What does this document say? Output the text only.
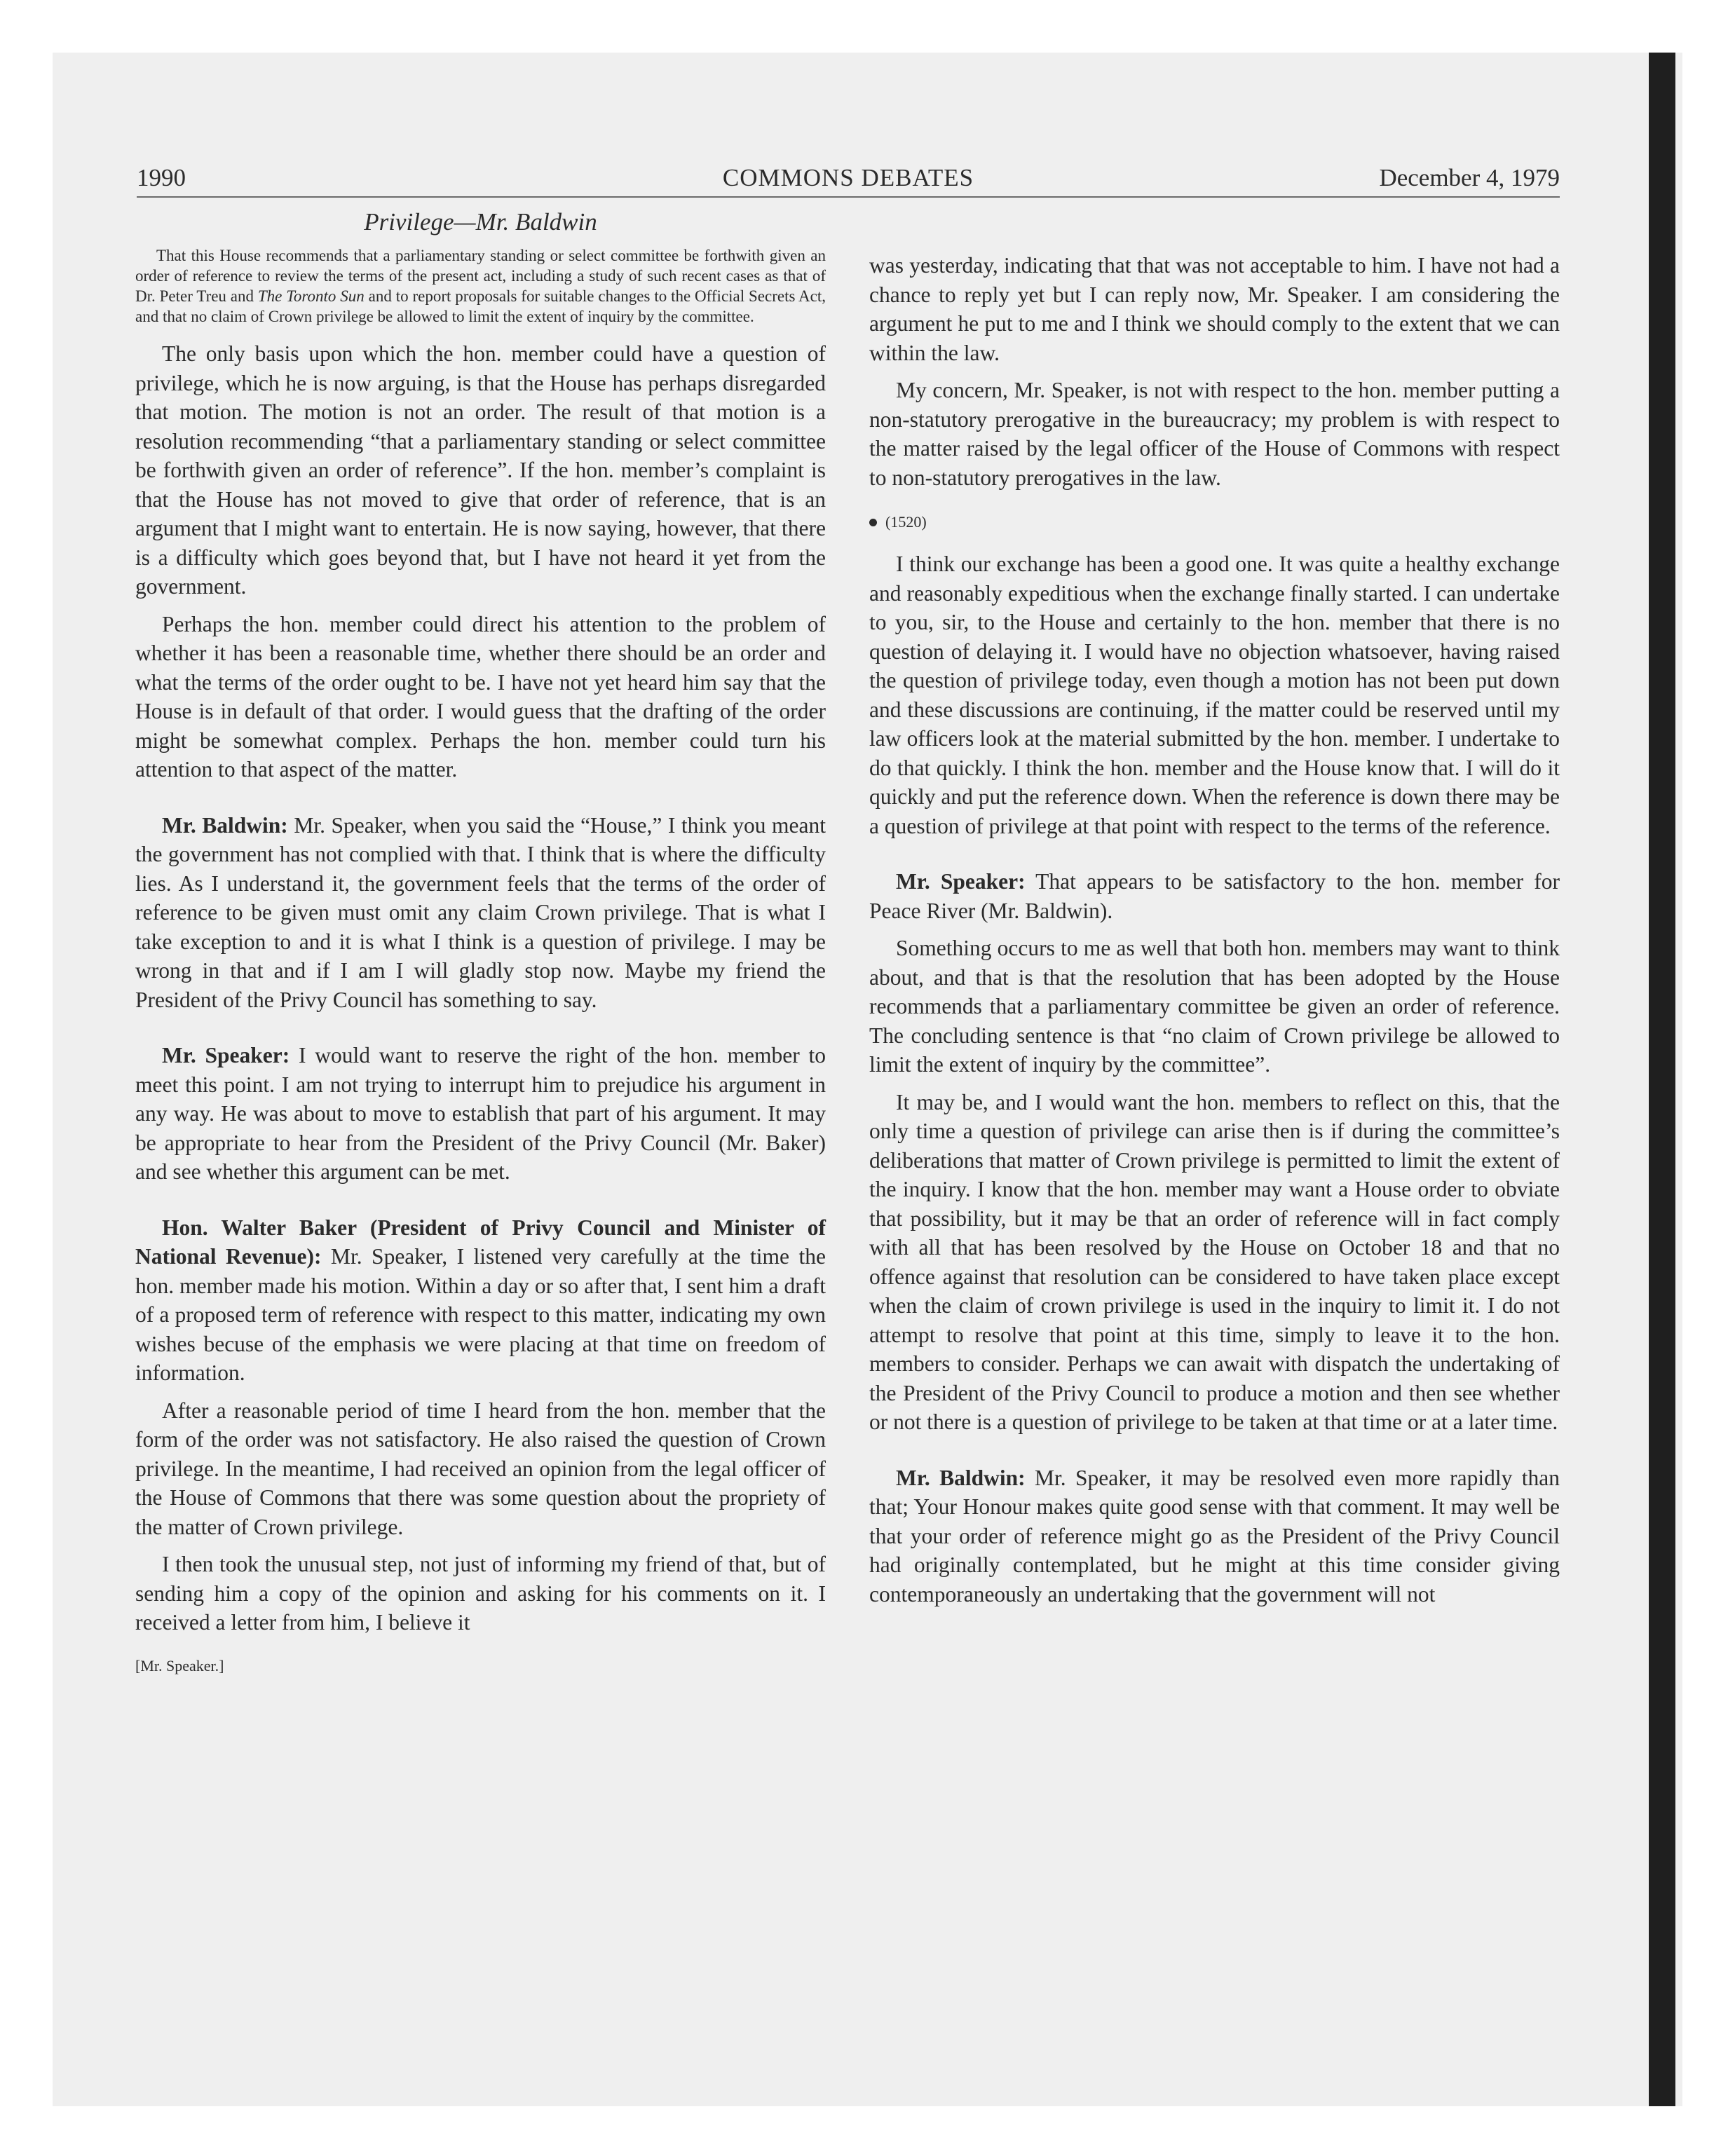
1990	COMMONS DEBATES	December 4, 1979
Privilege—Mr. Baldwin
That this House recommends that a parliamentary standing or select committee be forthwith given an order of reference to review the terms of the present act, including a study of such recent cases as that of Dr. Peter Treu and The Toronto Sun and to report proposals for suitable changes to the Official Secrets Act, and that no claim of Crown privilege be allowed to limit the extent of inquiry by the committee.

The only basis upon which the hon. member could have a question of privilege, which he is now arguing, is that the House has perhaps disregarded that motion. The motion is not an order. The result of that motion is a resolution recommending “that a parliamentary standing or select committee be forthwith given an order of reference”. If the hon. member’s complaint is that the House has not moved to give that order of reference, that is an argument that I might want to entertain. He is now saying, however, that there is a difficulty which goes beyond that, but I have not heard it yet from the government.

Perhaps the hon. member could direct his attention to the problem of whether it has been a reasonable time, whether there should be an order and what the terms of the order ought to be. I have not yet heard him say that the House is in default of that order. I would guess that the drafting of the order might be somewhat complex. Perhaps the hon. member could turn his attention to that aspect of the matter.

Mr. Baldwin: Mr. Speaker, when you said the “House,” I think you meant the government has not complied with that. I think that is where the difficulty lies. As I understand it, the government feels that the terms of the order of reference to be given must omit any claim Crown privilege. That is what I take exception to and it is what I think is a question of privilege. I may be wrong in that and if I am I will gladly stop now. Maybe my friend the President of the Privy Council has something to say.

Mr. Speaker: I would want to reserve the right of the hon. member to meet this point. I am not trying to interrupt him to prejudice his argument in any way. He was about to move to establish that part of his argument. It may be appropriate to hear from the President of the Privy Council (Mr. Baker) and see whether this argument can be met.

Hon. Walter Baker (President of Privy Council and Minister of National Revenue): Mr. Speaker, I listened very carefully at the time the hon. member made his motion. Within a day or so after that, I sent him a draft of a proposed term of reference with respect to this matter, indicating my own wishes becuse of the emphasis we were placing at that time on freedom of information.

After a reasonable period of time I heard from the hon. member that the form of the order was not satisfactory. He also raised the question of Crown privilege. In the meantime, I had received an opinion from the legal officer of the House of Commons that there was some question about the propriety of the matter of Crown privilege.

I then took the unusual step, not just of informing my friend of that, but of sending him a copy of the opinion and asking for his comments on it. I received a letter from him, I believe it

[Mr. Speaker.]

was yesterday, indicating that that was not acceptable to him. I have not had a chance to reply yet but I can reply now, Mr. Speaker. I am considering the argument he put to me and I think we should comply to the extent that we can within the law.

My concern, Mr. Speaker, is not with respect to the hon. member putting a non-statutory prerogative in the bureaucracy; my problem is with respect to the matter raised by the legal officer of the House of Commons with respect to non-statutory prerogatives in the law.

(1520)

I think our exchange has been a good one. It was quite a healthy exchange and reasonably expeditious when the exchange finally started. I can undertake to you, sir, to the House and certainly to the hon. member that there is no question of delaying it. I would have no objection whatsoever, having raised the question of privilege today, even though a motion has not been put down and these discussions are continuing, if the matter could be reserved until my law officers look at the material submitted by the hon. member. I undertake to do that quickly. I think the hon. member and the House know that. I will do it quickly and put the reference down. When the reference is down there may be a question of privilege at that point with respect to the terms of the reference.

Mr. Speaker: That appears to be satisfactory to the hon. member for Peace River (Mr. Baldwin).

Something occurs to me as well that both hon. members may want to think about, and that is that the resolution that has been adopted by the House recommends that a parliamentary committee be given an order of reference. The concluding sentence is that “no claim of Crown privilege be allowed to limit the extent of inquiry by the committee”.

It may be, and I would want the hon. members to reflect on this, that the only time a question of privilege can arise then is if during the committee’s deliberations that matter of Crown privilege is permitted to limit the extent of the inquiry. I know that the hon. member may want a House order to obviate that possibility, but it may be that an order of reference will in fact comply with all that has been resolved by the House on October 18 and that no offence against that resolution can be considered to have taken place except when the claim of crown privilege is used in the inquiry to limit it. I do not attempt to resolve that point at this time, simply to leave it to the hon. members to consider. Perhaps we can await with dispatch the undertaking of the President of the Privy Council to produce a motion and then see whether or not there is a question of privilege to be taken at that time or at a later time.

Mr. Baldwin: Mr. Speaker, it may be resolved even more rapidly than that; Your Honour makes quite good sense with that comment. It may well be that your order of reference might go as the President of the Privy Council had originally contemplated, but he might at this time consider giving contemporaneously an undertaking that the government will not
